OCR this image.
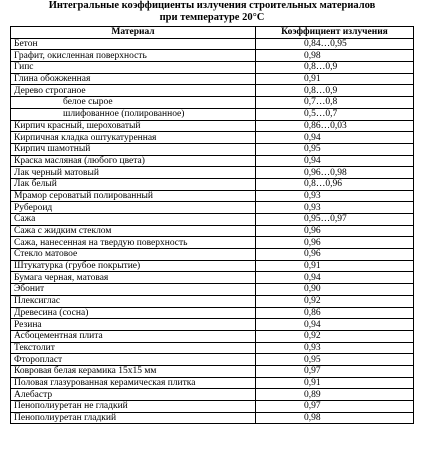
Интегральные коэффициенты излучения строительных материалов
при температуре 20°С
Материал	Коэффициент излучения
Бетон	0,84…0,95
Графит, окисленная поверхность	0,98
Гипс	0,8…0,9
Глина обожженная	0,91
Дерево строганое	0,8…0,9
белое сырое	0,7…0,8
шлифованное (полированное)	0,5…0,7
Кирпич красный, шероховатый	0,86…0,03
Кирпичная кладка оштукатуренная	0,94
Кирпич шамотный	0,95
Краска масляная (любого цвета)	0,94
Лак черный матовый	0,96…0,98
Лак белый	0,8…0,96
Мрамор сероватый полированный	0,93
Рубероид	0,93
Сажа	0,95…0,97
Сажа с жидким стеклом	0,96
Сажа, нанесенная на твердую поверхность	0,96
Стекло матовое	0,96
Штукатурка (грубое покрытие)	0,91
Бумага черная, матовая	0,94
Эбонит	0,90
Плексиглас	0,92
Древесина (сосна)	0,86
Резина	0,94
Асбоцементная плита	0,92
Текстолит	0,93
Фторопласт	0,95
Ковровая белая керамика 15х15 мм	0,97
Половая глазурованная керамическая плитка	0,91
Алебастр	0,89
Пенополиуретан не гладкий	0,97
Пенополиуретан гладкий	0,98
